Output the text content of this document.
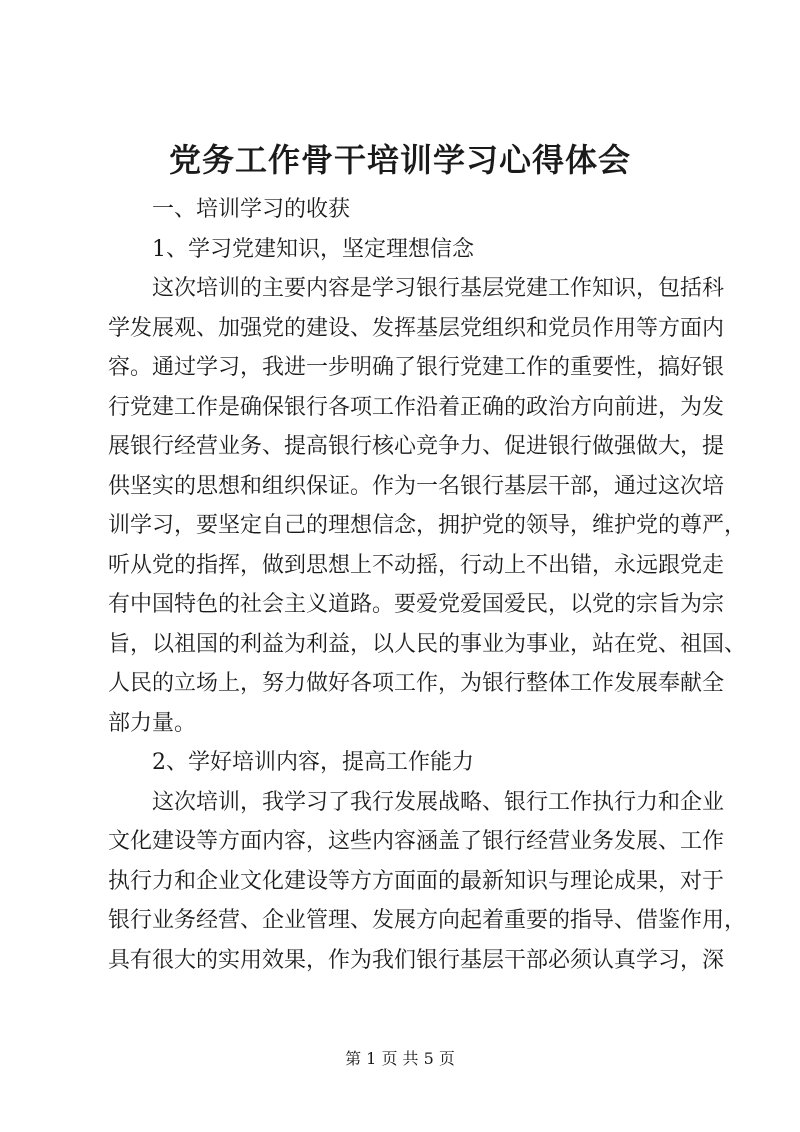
党务工作骨干培训学习心得体会
一、培训学习的收获
1、学习党建知识，坚定理想信念
这次培训的主要内容是学习银行基层党建工作知识，包括科
学发展观、加强党的建设、发挥基层党组织和党员作用等方面内
容。通过学习，我进一步明确了银行党建工作的重要性，搞好银
行党建工作是确保银行各项工作沿着正确的政治方向前进，为发
展银行经营业务、提高银行核心竞争力、促进银行做强做大，提
供坚实的思想和组织保证。作为一名银行基层干部，通过这次培
训学习，要坚定自己的理想信念，拥护党的领导，维护党的尊严，
听从党的指挥，做到思想上不动摇，行动上不出错，永远跟党走
有中国特色的社会主义道路。要爱党爱国爱民，以党的宗旨为宗
旨，以祖国的利益为利益，以人民的事业为事业，站在党、祖国、
人民的立场上，努力做好各项工作，为银行整体工作发展奉献全
部力量。
2、学好培训内容，提高工作能力
这次培训，我学习了我行发展战略、银行工作执行力和企业
文化建设等方面内容，这些内容涵盖了银行经营业务发展、工作
执行力和企业文化建设等方方面面的最新知识与理论成果，对于
银行业务经营、企业管理、发展方向起着重要的指导、借鉴作用，
具有很大的实用效果，作为我们银行基层干部必须认真学习，深

第 1 页 共 5 页
